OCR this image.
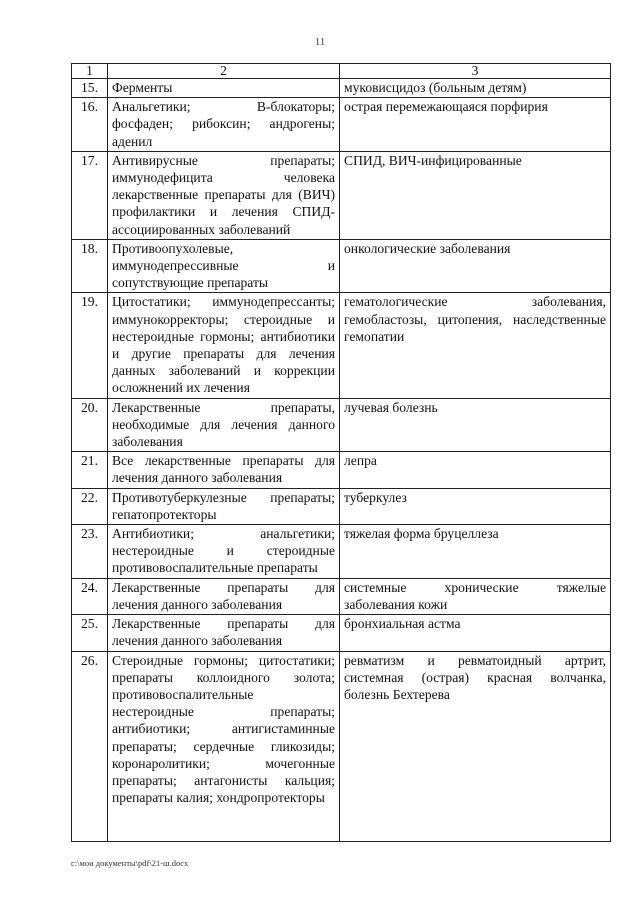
11
1	2	3
15.	Ферменты	муковисцидоз (больным детям)
16.	Анальгетики; В-блокаторы; фосфаден; рибоксин; андрогены; аденил	острая перемежающаяся порфирия
17.	Антивирусные препараты; иммунодефицита человека лекарственные препараты для (ВИЧ) профилактики и лечения СПИД-ассоциированных заболеваний	СПИД, ВИЧ-инфицированные
18.	Противоопухолевые, иммунодепрессивные и сопутствующие препараты	онкологические заболевания
19.	Цитостатики; иммунодепрессанты; иммунокорректоры; стероидные и нестероидные гормоны; антибиотики и другие препараты для лечения данных заболеваний и коррекции осложнений их лечения	гематологические заболевания, гемобластозы, цитопения, наследственные гемопатии
20.	Лекарственные препараты, необходимые для лечения данного заболевания	лучевая болезнь
21.	Все лекарственные препараты для лечения данного заболевания	лепра
22.	Противотуберкулезные препараты; гепатопротекторы	туберкулез
23.	Антибиотики; анальгетики; нестероидные и стероидные противовоспалительные препараты	тяжелая форма бруцеллеза
24.	Лекарственные препараты для лечения данного заболевания	системные хронические тяжелые заболевания кожи
25.	Лекарственные препараты для лечения данного заболевания	бронхиальная астма
26.	Стероидные гормоны; цитостатики; препараты коллоидного золота; противовоспалительные нестероидные препараты; антибиотики; антигистаминные препараты; сердечные гликозиды; коронаролитики; мочегонные препараты; антагонисты кальция; препараты калия; хондропротекторы	ревматизм и ревматоидный артрит, системная (острая) красная волчанка, болезнь Бехтерева
c:\мои документы\pdf\21-ш.docx
